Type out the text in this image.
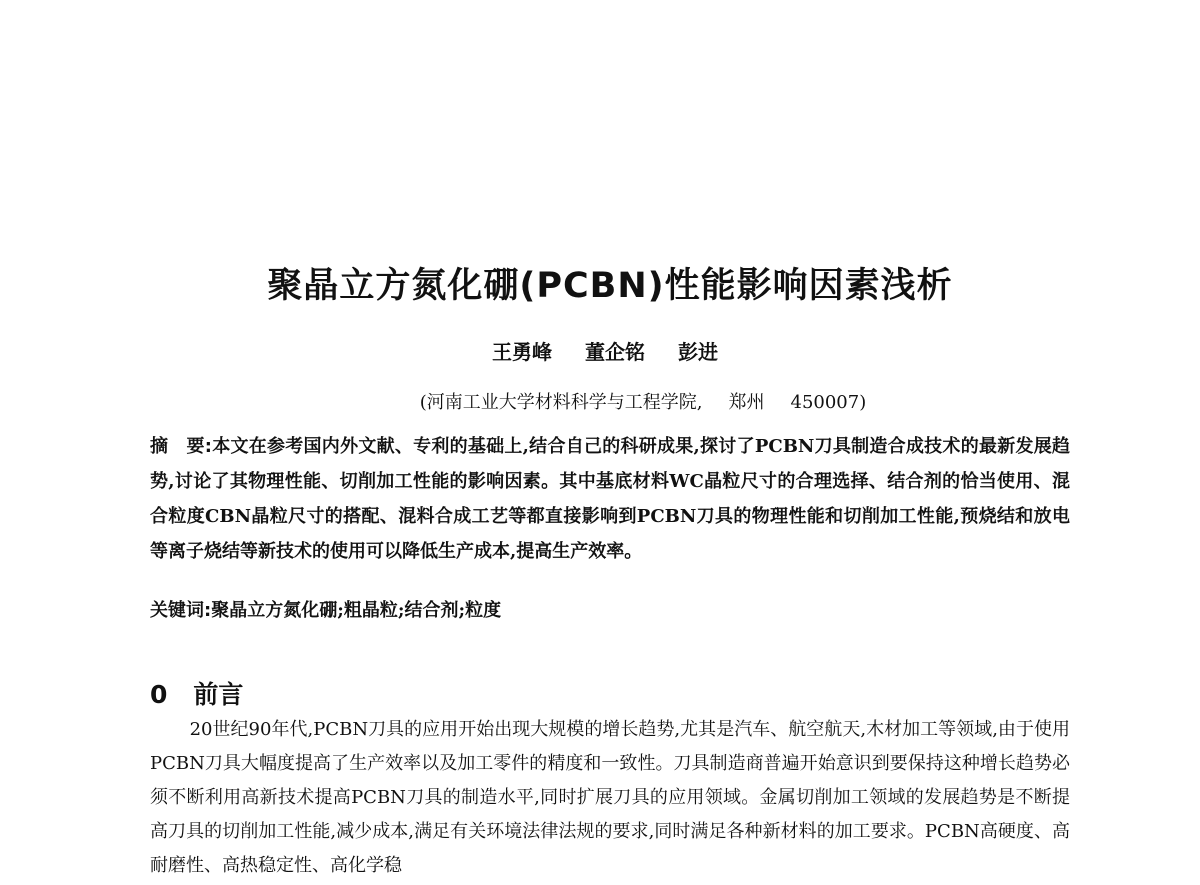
聚晶立方氮化硼(PCBN)性能影响因素浅析
王勇峰 董企铭 彭进
(河南工业大学材料科学与工程学院, 郑州 450007)
摘　要:本文在参考国内外文献、专利的基础上,结合自己的科研成果,探讨了PCBN刀具制造合成技术的最新发展趋势,讨论了其物理性能、切削加工性能的影响因素。其中基底材料WC晶粒尺寸的合理选择、结合剂的恰当使用、混合粒度CBN晶粒尺寸的搭配、混料合成工艺等都直接影响到PCBN刀具的物理性能和切削加工性能,预烧结和放电等离子烧结等新技术的使用可以降低生产成本,提高生产效率。
关键词:聚晶立方氮化硼;粗晶粒;结合剂;粒度
0 前言
20世纪90年代,PCBN刀具的应用开始出现大规模的增长趋势,尤其是汽车、航空航天,木材加工等领域,由于使用PCBN刀具大幅度提高了生产效率以及加工零件的精度和一致性。刀具制造商普遍开始意识到要保持这种增长趋势必须不断利用高新技术提高PCBN刀具的制造水平,同时扩展刀具的应用领域。金属切削加工领域的发展趋势是不断提高刀具的切削加工性能,减少成本,满足有关环境法律法规的要求,同时满足各种新材料的加工要求。PCBN高硬度、高耐磨性、高热稳定性、高化学稳
